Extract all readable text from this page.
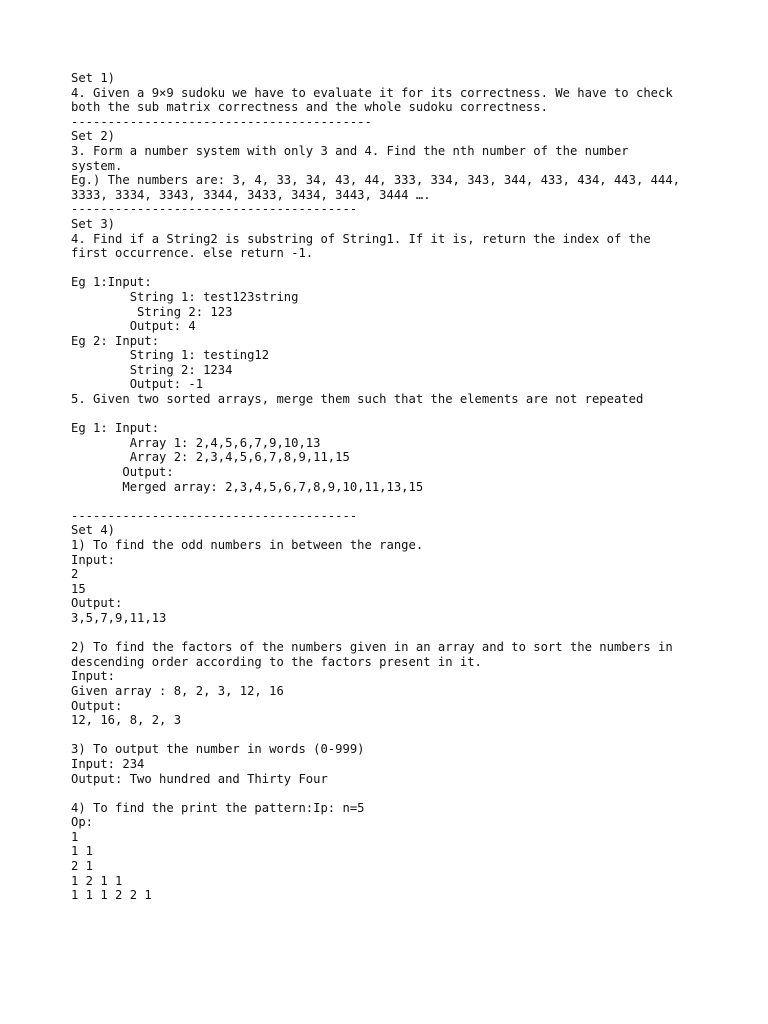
Set 1)
4. Given a 9×9 sudoku we have to evaluate it for its correctness. We have to check
both the sub matrix correctness and the whole sudoku correctness.
-----------------------------------------
Set 2)
3. Form a number system with only 3 and 4. Find the nth number of the number
system.
Eg.) The numbers are: 3, 4, 33, 34, 43, 44, 333, 334, 343, 344, 433, 434, 443, 444,
3333, 3334, 3343, 3344, 3433, 3434, 3443, 3444 ….
---------------------------------------
Set 3)
4. Find if a String2 is substring of String1. If it is, return the index of the
first occurrence. else return -1.
Eg 1:Input:
String 1: test123string
String 2: 123
Output: 4
Eg 2: Input:
String 1: testing12
String 2: 1234
Output: -1
5. Given two sorted arrays, merge them such that the elements are not repeated
Eg 1: Input:
Array 1: 2,4,5,6,7,9,10,13
Array 2: 2,3,4,5,6,7,8,9,11,15
Output:
Merged array: 2,3,4,5,6,7,8,9,10,11,13,15
---------------------------------------
Set 4)
1) To find the odd numbers in between the range.
Input:
2
15
Output:
3,5,7,9,11,13
2) To find the factors of the numbers given in an array and to sort the numbers in
descending order according to the factors present in it.
Input:
Given array : 8, 2, 3, 12, 16
Output:
12, 16, 8, 2, 3
3) To output the number in words (0-999)
Input: 234
Output: Two hundred and Thirty Four
4) To find the print the pattern:Ip: n=5
Op:
1
1 1
2 1
1 2 1 1
1 1 1 2 2 1
